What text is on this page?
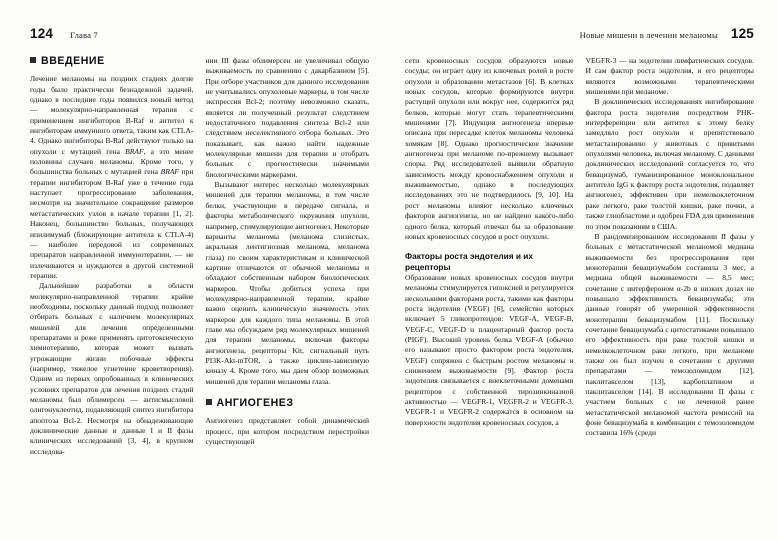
124 Глава 7
ВВЕДЕНИЕ

Лечение меланомы на поздних стадиях долгие годы было практически безнадежной задачей, однако в последние годы появился новый метод — молекулярно-направленная терапия с применением ингибиторов B-Raf и антител к ингибиторам иммунного ответа, таким как CTLA-4. Однако ингибиторы B-Raf действуют только на опухоли с мутацией гена BRAF, а это менее половины случаев меланомы. Кроме того, у большинства больных с мутацией гена BRAF при терапии ингибитором B-Raf уже в течение года наступает прогрессирование заболевания, несмотря на значительное сокращение размеров метастатических узлов в начале терапии [1, 2]. Наконец, большинство больных, получающих ипилимумаб (блокирующие антитела к CTLA-4) — наиболее передовой из современных препаратов направленной иммунотерапии, — не излечиваются и нуждаются в другой системной терапии.

Дальнейшие разработки в области молекулярно-направленной терапии крайне необходимы, поскольку данный подход позволяет отбирать больных с наличием молекулярных мишеней для лечения определенными препаратами и реже применять цитотоксическую химиотерапию, которая может вызвать угрожающие жизни побочные эффекты (например, тяжелое угнетение кроветворения). Одним из первых опробованных в клинических условиях препаратов для лечения поздних стадий меланомы был облимерсен — антисмысловой олигонуклеотид, подавляющий синтез ингибитора апоптоза Bcl-2. Несмотря на обнадеживающие доклинические данные и данные I и II фазы клинических исследований [3, 4], в крупном исследова-

нии III фазы облимерсен не увеличивал общую выживаемость по сравнению с дакарбазином [5]. При отборе участников для данного исследования не учитывались опухолевые маркеры, в том числе экспрессия Bcl-2; поэтому невозможно сказать, является ли полученный результат следствием недостаточного подавления синтеза Bcl-2 или следствием неселективного отбора больных. Это показывает, как важно найти надежные молекулярные мишени для терапии и отобрать больных с прогностически значимыми биологическими маркерами.

Вызывают интерес несколько молекулярных мишеней для терапии меланомы, в том числе белки, участвующие в передаче сигнала, и факторы метаболического окружения опухоли, например, стимулирующие ангиогенез. Некоторые варианты меланомы (меланома слизистых, акральная лентигиозная меланома, меланома глаза) по своим характеристикам и клинической картине отличаются от обычной меланомы и обладают собственным набором биологических маркеров. Чтобы добиться успеха при молекулярно-направленной терапии, крайне важно оценить клиническую значимость этих маркеров для каждого типа меланомы. В этой главе мы обсуждаем ряд молекулярных мишеней для терапии меланомы, включая факторы ангиогенеза, рецепторы Kit, сигнальный путь PI3K-Akt-mTOR, а также циклин-зависимую киназу 4. Кроме того, мы даем обзор возможных мишеней для терапии меланомы глаза.

АНГИОГЕНЕЗ

Ангиогенез представляет собой динамический процесс, при котором посредством перестройки существующей

Новые мишени в лечении меланомы 125

сети кровеносных сосудов образуются новые сосуды; он играет одну из ключевых ролей в росте опухоли и образовании метастазов [6]. В клетках новых сосудов, которые формируются внутри растущей опухоли или вокруг нее, содержится ряд белков, которые могут стать терапевтическими мишенями [7]. Индукция ангиогенеза впервые описана при пересадке клеток меланомы человека хомякам [8]. Однако прогностическое значение ангиогенеза при меланоме по-прежнему вызывает споры. Ряд исследователей выявили обратную зависимость между кровоснабжением опухоли и выживаемостью, однако в последующих исследованиях это не подтвердилось [9, 10]. На рост меланомы влияют несколько ключевых факторов ангиогенеза, но не найдено какого-либо одного белка, который отвечал бы за образование новых кровеносных сосудов и рост опухоли.

Факторы роста эндотелия и их рецепторы

Образование новых кровеносных сосудов внутри меланомы стимулируется гипоксией и регулируется несколькими факторами роста, такими как факторы роста эндотелия (VEGF) [6], семейство которых включает 5 гликопротеидов: VEGF-A, VEGF-B, VEGF-C, VEGF-D и плацентарный фактор роста (PIGF). Высокий уровень белка VEGF-A (обычно его называют просто фактором роста эндотелия, VEGF) сопряжен с быстрым ростом меланомы и снижением выживаемости [9]. Фактор роста эндотелия связывается с внеклеточными доменами рецепторов с собственной тирозинкиназной активностью — VEGFR-1, VEGFR-2 и VEGFR-3. VEGFR-1 и VEGFR-2 содержатся в основном на поверхности эндотелия кровеносных сосудов, а

VEGFR-3 — на эндотелии лимфатических сосудов. И сам фактор роста эндотелия, и его рецепторы являются возможными терапевтическими мишенями при меланоме.

В доклинических исследованиях ингибирование фактора роста эндотелия посредством РНК-интерференции или антител к этому белку замедляло рост опухоли и препятствовало метастазированию у животных с привитыми опухолями человека, включая меланому. С данными доклинических исследований согласуется то, что бевацизумаб, гуманизированное моноклональное антитело IgG к фактору роста эндотелия, подавляет ангиогенез, эффективен при немелкоклеточном раке легкого, раке толстой кишки, раке почки, а также глиобластоме и одобрен FDA для применения по этим показаниям в США.

В рандомизированном исследовании II фазы у больных с метастатической меланомой медиана выживаемости без прогрессирования при монотерапии бевацизумабом составила 3 мес, а медиана общей выживаемости — 8,5 мес; сочетание с интерфероном α-2b в низких дозах не повышало эффективность бевацизумаба; эти данные говорят об умеренной эффективности монотерапии бевацизумабом [11]. Поскольку сочетание бевацизумаба с цитостатиками повышало его эффективность при раке толстой кишки и немелкоклеточном раке легкого, при меланоме также он был изучен в сочетании с другими препаратами — темозоломидом [12], паклитакселом [13], карбоплатином и паклитакселом [14]. В исследовании II фазы с участием больных с не леченной ранее метастатической меланомой частота ремиссий на фоне бевацизумаба в комбинации с темозоломидом составила 16% (среди
